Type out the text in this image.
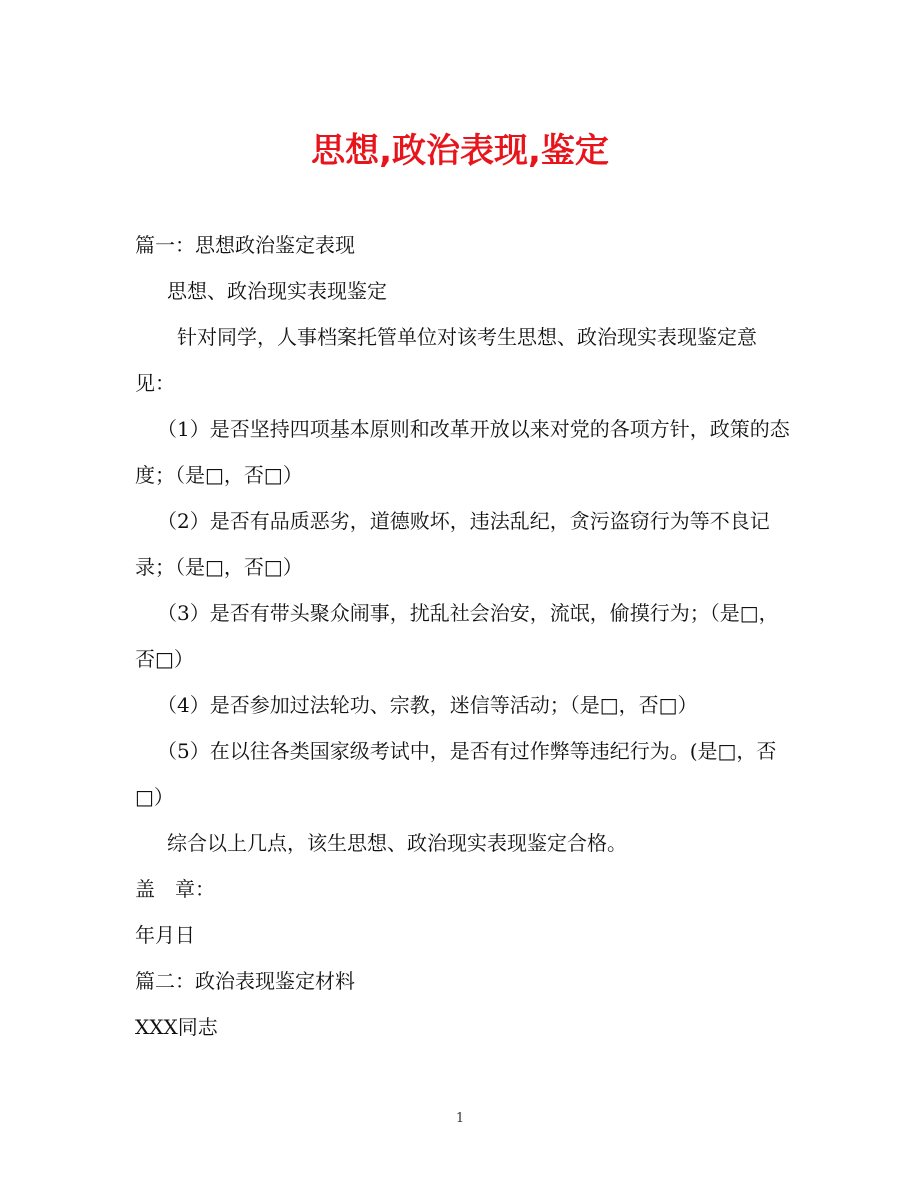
思想,政治表现,鉴定

篇一：思想政治鉴定表现

思想、政治现实表现鉴定

针对同学，人事档案托管单位对该考生思想、政治现实表现鉴定意见：

（1）是否坚持四项基本原则和改革开放以来对党的各项方针，政策的态度；（是□，否□）

（2）是否有品质恶劣，道德败坏，违法乱纪，贪污盗窃行为等不良记录；（是□，否□）

（3）是否有带头聚众闹事，扰乱社会治安，流氓，偷摸行为；（是□，否□）

（4）是否参加过法轮功、宗教，迷信等活动；（是□，否□）

（5）在以往各类国家级考试中，是否有过作弊等违纪行为。(是□，否□）

综合以上几点，该生思想、政治现实表现鉴定合格。

盖　章：

年月日

篇二：政治表现鉴定材料

XXX同志

1
